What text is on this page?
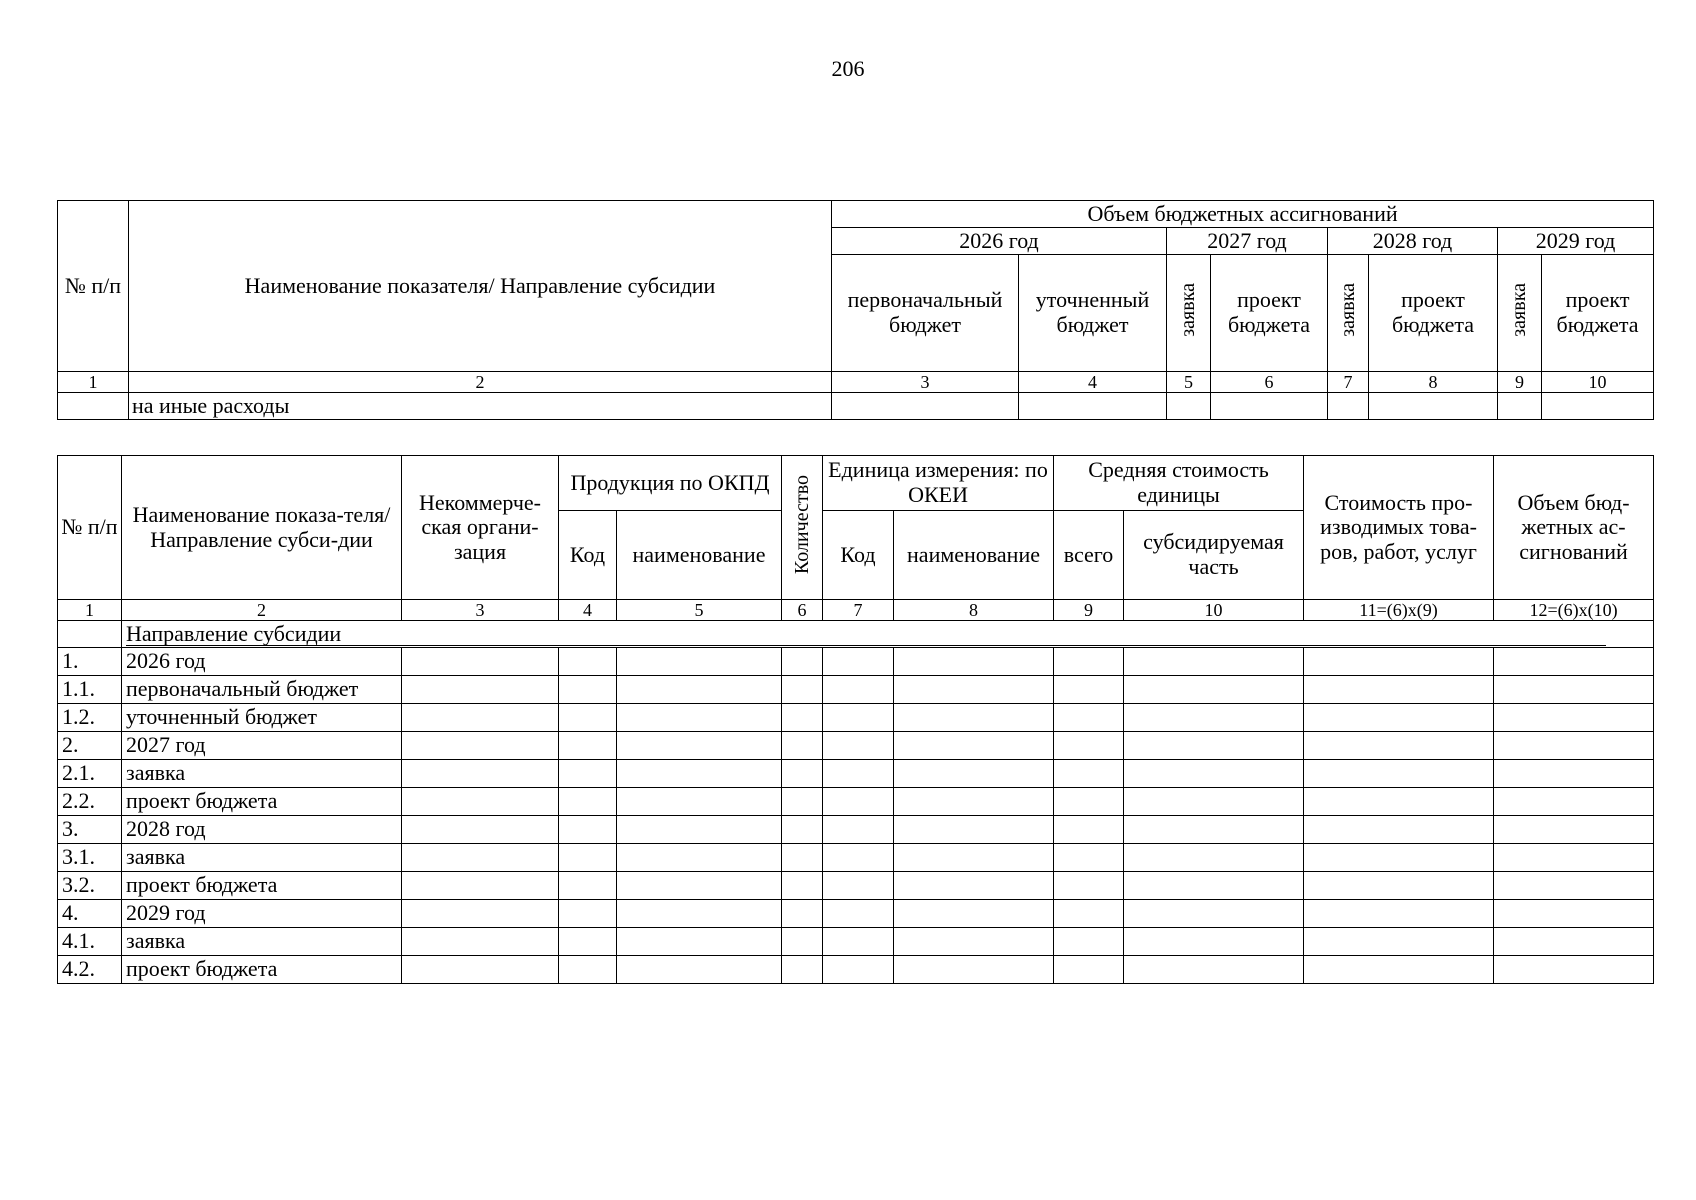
206
№ п/п	Наименование показателя/ Направление субсидии	Объем бюджетных ассигнований							
		2026 год		2027 год		2028 год		2029 год	
		первоначальный бюджет	уточненный бюджет	заявка	проект бюджета	заявка	проект бюджета	заявка	проект бюджета
1	2	3	4	5	6	7	8	9	10
	на иные расходы								
№ п/п	Наименование показа-теля/ Направление субси-дии	Некоммерче-ская органи-зация	Продукция по ОКПД		Количество	Единица измерения: по ОКЕИ		Средняя стоимость единицы		Стоимость про-изводимых това-ров, работ, услуг	Объем бюд-жетных ас-сигнований
			Код	наименование		Код	наименование	всего	субсидируемая часть		
1	2	3	4	5	6	7	8	9	10	11=(6)x(9)	12=(6)x(10)
	Направление субсидии										
1.	2026 год										
1.1.	первоначальный бюджет										
1.2.	уточненный бюджет										
2.	2027 год										
2.1.	заявка										
2.2.	проект бюджета										
3.	2028 год										
3.1.	заявка										
3.2.	проект бюджета										
4.	2029 год										
4.1.	заявка										
4.2.	проект бюджета										
